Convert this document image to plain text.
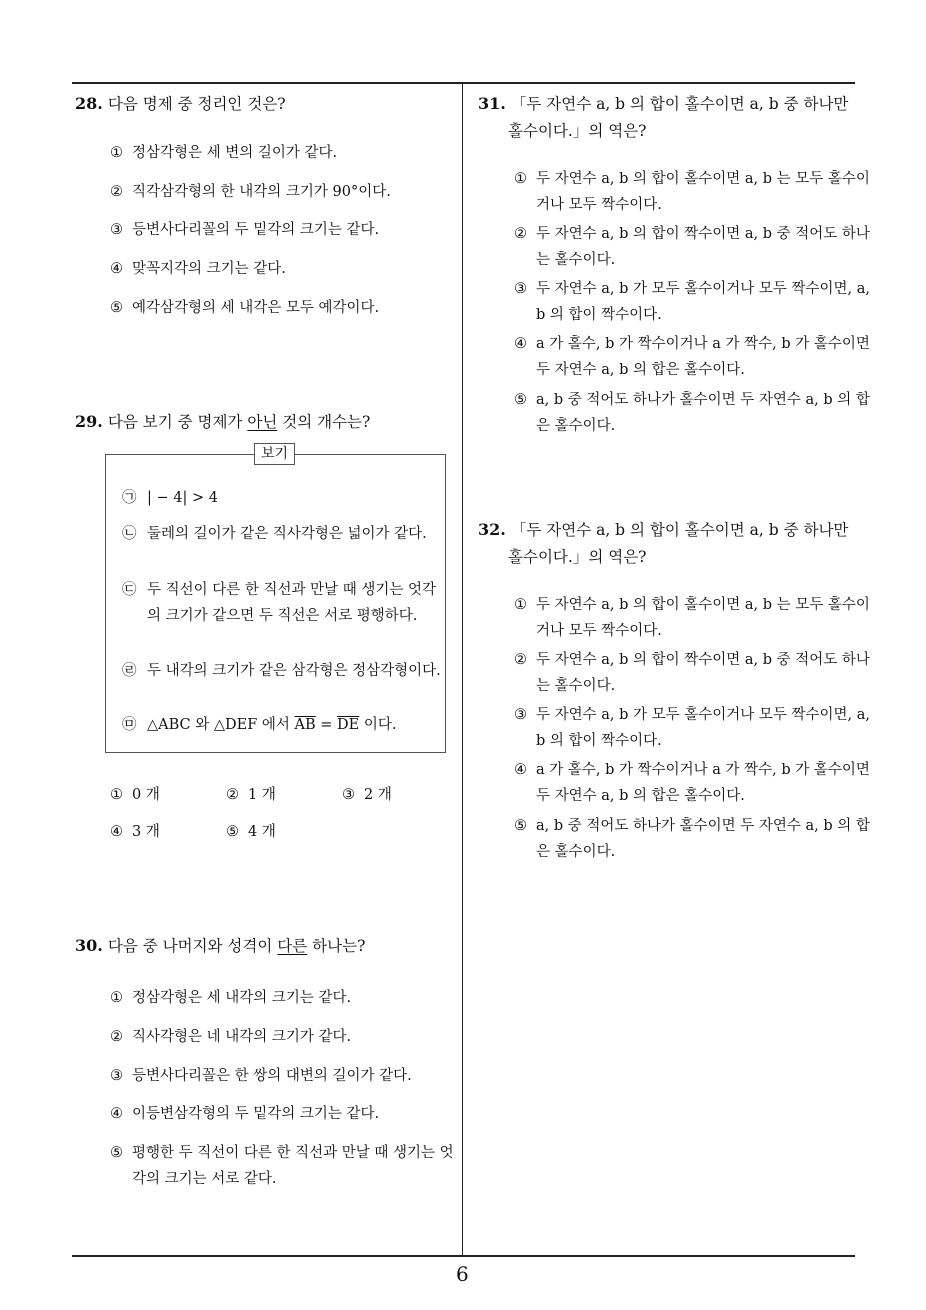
28. 다음 명제 중 정리인 것은?
① 정삼각형은 세 변의 길이가 같다.
② 직각삼각형의 한 내각의 크기가 90°이다.
③ 등변사다리꼴의 두 밑각의 크기는 같다.
④ 맞꼭지각의 크기는 같다.
⑤ 예각삼각형의 세 내각은 모두 예각이다.
29. 다음 보기 중 명제가 아닌 것의 개수는?
보기
㉠ | − 4| > 4
㉡ 둘레의 길이가 같은 직사각형은 넓이가 같다.
㉢ 두 직선이 다른 한 직선과 만날 때 생기는 엇각의 크기가 같으면 두 직선은 서로 평행하다.
㉣ 두 내각의 크기가 같은 삼각형은 정삼각형이다.
㉤ △ABC 와 △DEF 에서 $\overline{AB} = \overline{DE}$ 이다.
① 0 개	② 1 개	③ 2 개
④ 3 개	⑤ 4 개
30. 다음 중 나머지와 성격이 다른 하나는?
① 정삼각형은 세 내각의 크기는 같다.
② 직사각형은 네 내각의 크기가 같다.
③ 등변사다리꼴은 한 쌍의 대변의 길이가 같다.
④ 이등변삼각형의 두 밑각의 크기는 같다.
⑤ 평행한 두 직선이 다른 한 직선과 만날 때 생기는 엇각의 크기는 서로 같다.
31. 「두 자연수 a, b 의 합이 홀수이면 a, b 중 하나만 홀수이다.」의 역은?
① 두 자연수 a, b 의 합이 홀수이면 a, b 는 모두 홀수이거나 모두 짝수이다.
② 두 자연수 a, b 의 합이 짝수이면 a, b 중 적어도 하나는 홀수이다.
③ 두 자연수 a, b 가 모두 홀수이거나 모두 짝수이면, a, b 의 합이 짝수이다.
④ a 가 홀수, b 가 짝수이거나 a 가 짝수, b 가 홀수이면 두 자연수 a, b 의 합은 홀수이다.
⑤ a, b 중 적어도 하나가 홀수이면 두 자연수 a, b 의 합은 홀수이다.
32. 「두 자연수 a, b 의 합이 홀수이면 a, b 중 하나만 홀수이다.」의 역은?
① 두 자연수 a, b 의 합이 홀수이면 a, b 는 모두 홀수이거나 모두 짝수이다.
② 두 자연수 a, b 의 합이 짝수이면 a, b 중 적어도 하나는 홀수이다.
③ 두 자연수 a, b 가 모두 홀수이거나 모두 짝수이면, a, b 의 합이 짝수이다.
④ a 가 홀수, b 가 짝수이거나 a 가 짝수, b 가 홀수이면 두 자연수 a, b 의 합은 홀수이다.
⑤ a, b 중 적어도 하나가 홀수이면 두 자연수 a, b 의 합은 홀수이다.
6
